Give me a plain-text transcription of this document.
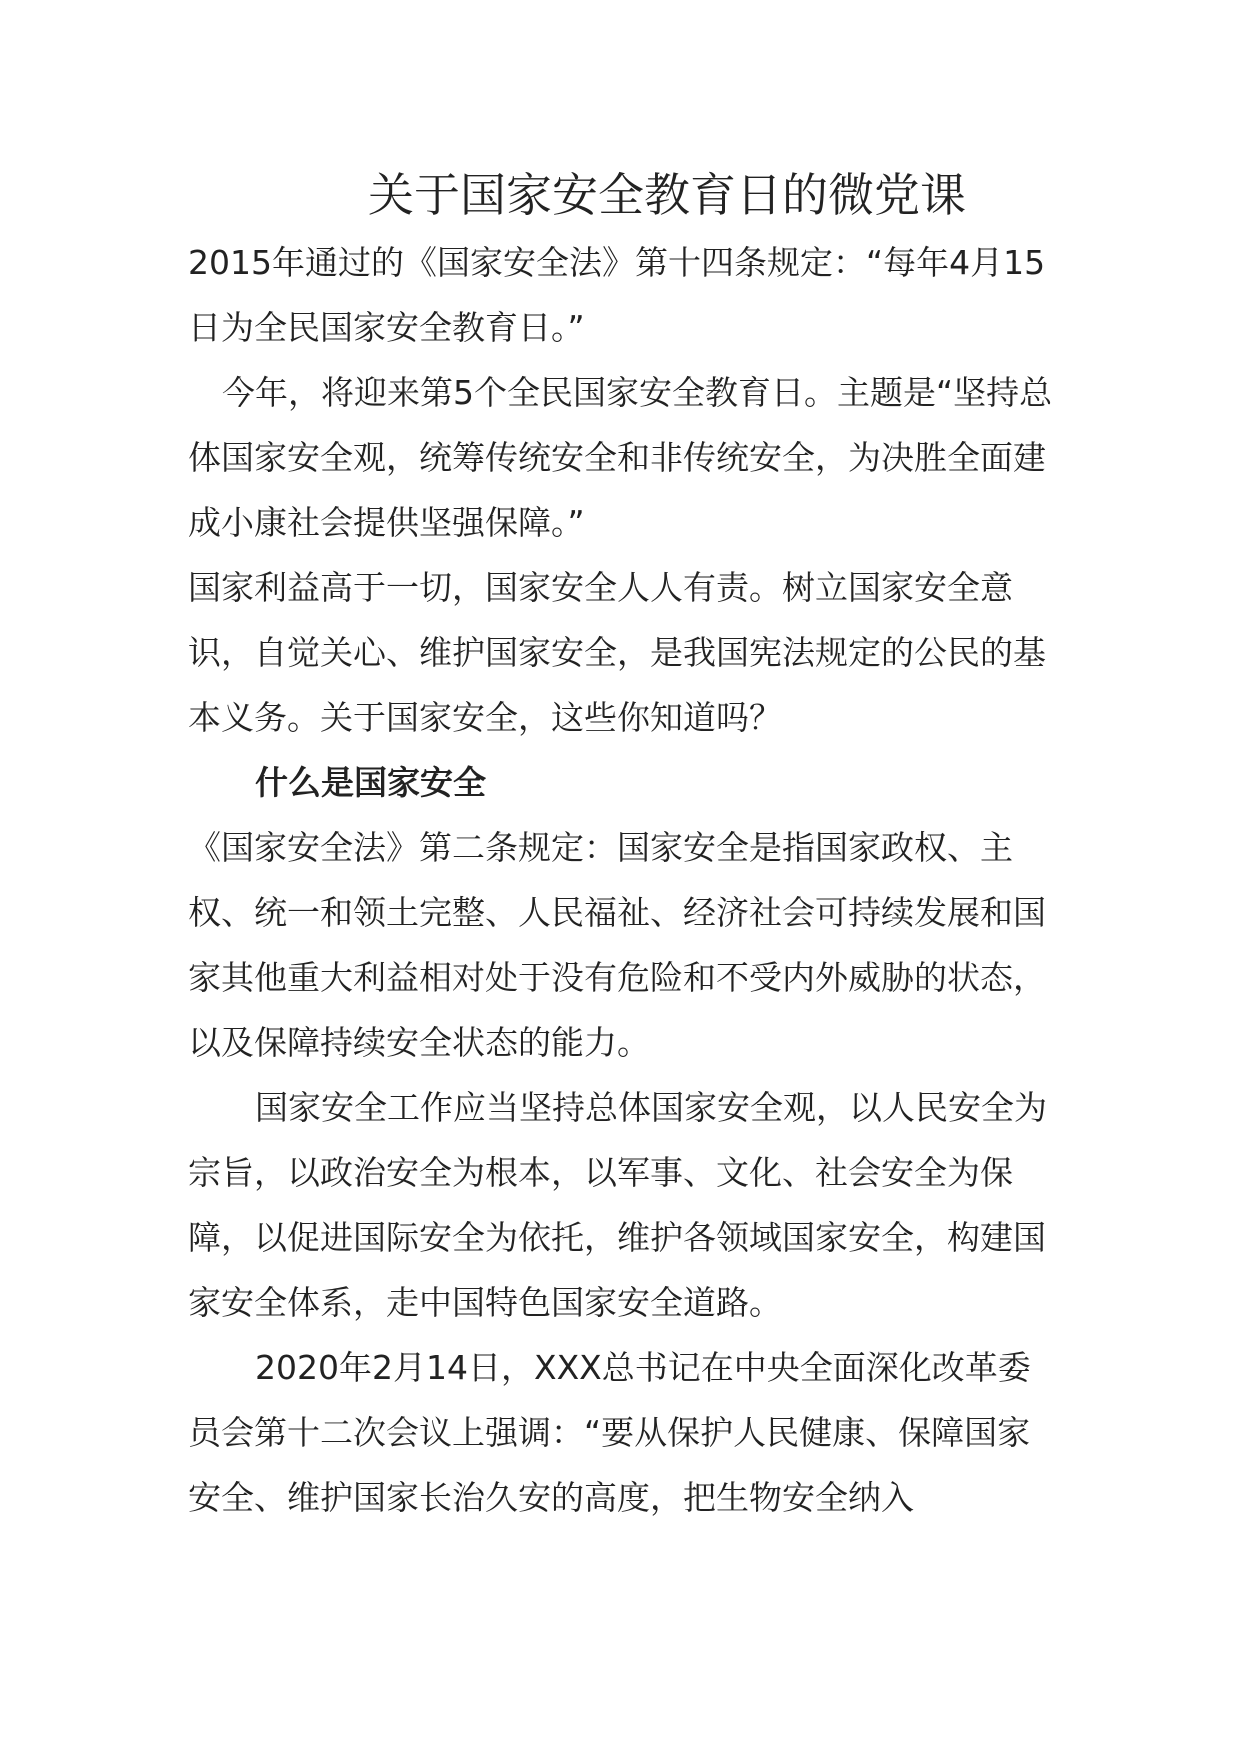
关于国家安全教育日的微党课

2015年通过的《国家安全法》第十四条规定：“每年4月15日为全民国家安全教育日。”

今年，将迎来第5个全民国家安全教育日。主题是“坚持总体国家安全观，统筹传统安全和非传统安全，为决胜全面建成小康社会提供坚强保障。”

国家利益高于一切，国家安全人人有责。树立国家安全意识，自觉关心、维护国家安全，是我国宪法规定的公民的基本义务。关于国家安全，这些你知道吗？

什么是国家安全

《国家安全法》第二条规定：国家安全是指国家政权、主权、统一和领土完整、人民福祉、经济社会可持续发展和国家其他重大利益相对处于没有危险和不受内外威胁的状态，以及保障持续安全状态的能力。

国家安全工作应当坚持总体国家安全观，以人民安全为宗旨，以政治安全为根本，以军事、文化、社会安全为保障，以促进国际安全为依托，维护各领域国家安全，构建国家安全体系，走中国特色国家安全道路。

2020年2月14日，XXX总书记在中央全面深化改革委员会第十二次会议上强调：“要从保护人民健康、保障国家安全、维护国家长治久安的高度，把生物安全纳入
